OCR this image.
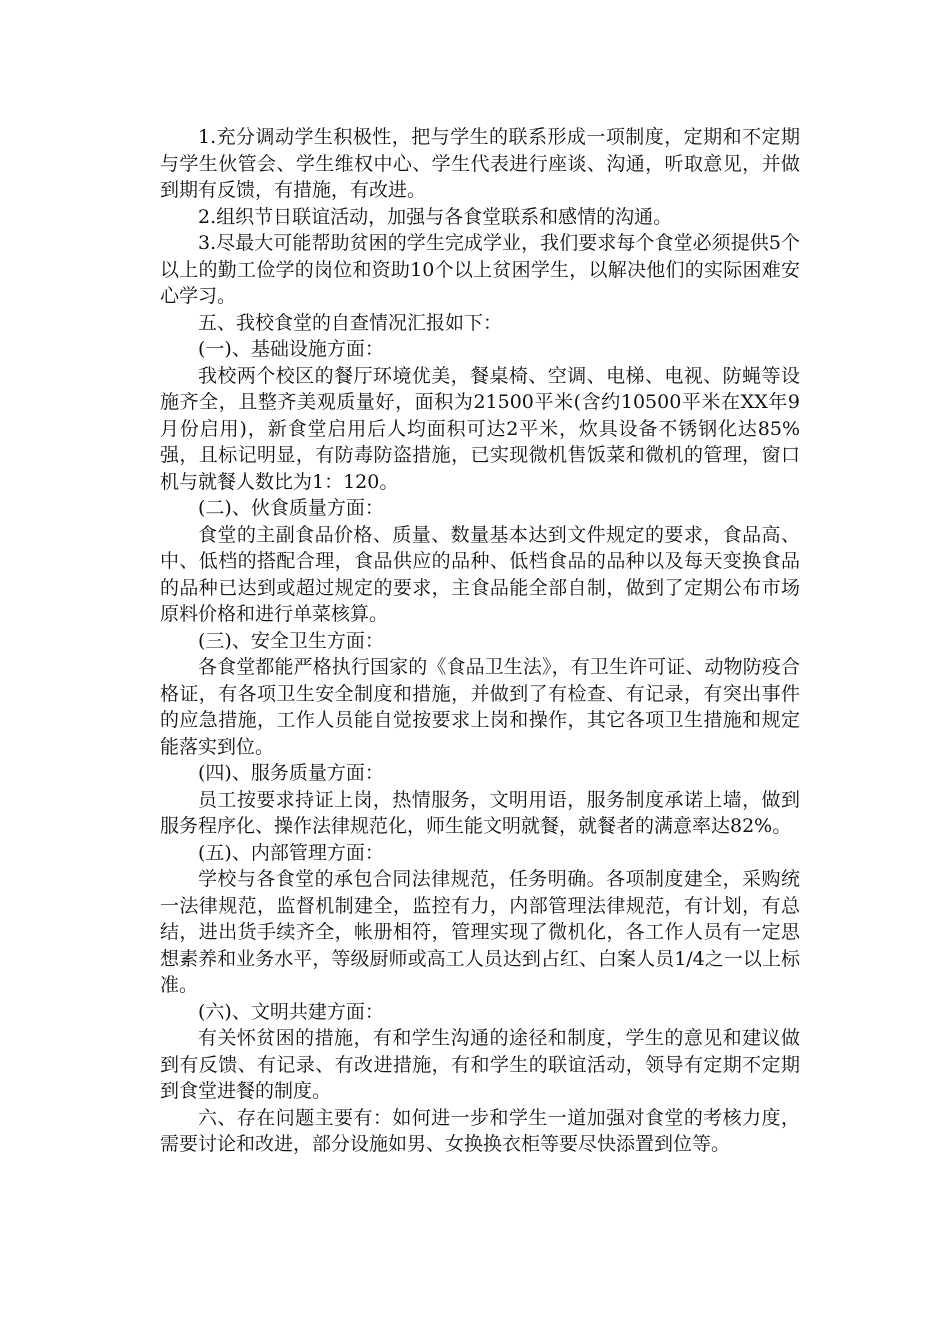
1.充分调动学生积极性，把与学生的联系形成一项制度，定期和不定期与学生伙管会、学生维权中心、学生代表进行座谈、沟通，听取意见，并做到期有反馈，有措施，有改进。

2.组织节日联谊活动，加强与各食堂联系和感情的沟通。

3.尽最大可能帮助贫困的学生完成学业，我们要求每个食堂必须提供5个以上的勤工俭学的岗位和资助10个以上贫困学生，以解决他们的实际困难安心学习。

五、我校食堂的自查情况汇报如下：

(一)、基础设施方面：

我校两个校区的餐厅环境优美，餐桌椅、空调、电梯、电视、防蝇等设施齐全，且整齐美观质量好，面积为21500平米(含约10500平米在XX年9月份启用)，新食堂启用后人均面积可达2平米，炊具设备不锈钢化达85%强，且标记明显，有防毒防盗措施，已实现微机售饭菜和微机的管理，窗口机与就餐人数比为1：120。

(二)、伙食质量方面：

食堂的主副食品价格、质量、数量基本达到文件规定的要求，食品高、中、低档的搭配合理，食品供应的品种、低档食品的品种以及每天变换食品的品种已达到或超过规定的要求，主食品能全部自制，做到了定期公布市场原料价格和进行单菜核算。

(三)、安全卫生方面：

各食堂都能严格执行国家的《食品卫生法》，有卫生许可证、动物防疫合格证，有各项卫生安全制度和措施，并做到了有检查、有记录，有突出事件的应急措施，工作人员能自觉按要求上岗和操作，其它各项卫生措施和规定能落实到位。

(四)、服务质量方面：

员工按要求持证上岗，热情服务，文明用语，服务制度承诺上墙，做到服务程序化、操作法律规范化，师生能文明就餐，就餐者的满意率达82%。

(五)、内部管理方面：

学校与各食堂的承包合同法律规范，任务明确。各项制度建全，采购统一法律规范，监督机制建全，监控有力，内部管理法律规范，有计划，有总结，进出货手续齐全，帐册相符，管理实现了微机化，各工作人员有一定思想素养和业务水平，等级厨师或高工人员达到占红、白案人员1/4之一以上标准。

(六)、文明共建方面：

有关怀贫困的措施，有和学生沟通的途径和制度，学生的意见和建议做到有反馈、有记录、有改进措施，有和学生的联谊活动，领导有定期不定期到食堂进餐的制度。

六、存在问题主要有：如何进一步和学生一道加强对食堂的考核力度，需要讨论和改进，部分设施如男、女换换衣柜等要尽快添置到位等。
